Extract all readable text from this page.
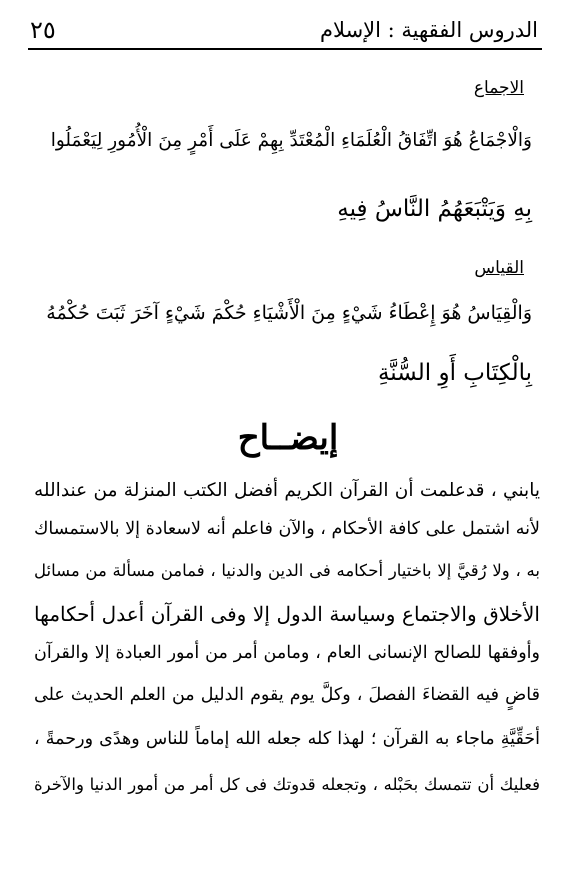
الدروس الفقهية : الإسلام
٢٥
الاجماع
وَالْاجْمَاعُ هُوَ اتِّفَاقُ الْعُلَمَاءِ الْمُعْتَدِّ بِهِمْ عَلَى أَمْرٍ مِنَ الْأُمُورِ لِيَعْمَلُوا
بِهِ وَيَتْبَعَهُمُ النَّاسُ فِيهِ
القياس
وَالْقِيَاسُ هُوَ إِعْطَاءُ شَيْءٍ مِنَ الْأَشْيَاءِ حُكْمَ شَيْءٍ آخَرَ ثَبَتَ حُكْمُهُ
بِالْكِتَابِ أَوِ السُّنَّةِ
إيضــاح
يابني ، قدعلمت أن القرآن الكريم أفضل الكتب المنزلة من عندالله
لأنه اشتمل على كافة الأحكام ، والآن فاعلم أنه لاسعادة إلا بالاستمساك
به ، ولا رُقيَّ إلا باختيار أحكامه فى الدين والدنيا ، فمامن مسألة من مسائل
الأخلاق والاجتماع وسياسة الدول إلا وفى القرآن أعدل أحكامها
وأوفقها للصالح الإنسانى العام ، ومامن أمر من أمور العبادة إلا والقرآن
قاضٍ فيه القضاءَ الفصلَ ، وكلَّ يوم يقوم الدليل من العلم الحديث على
أحَقِّيَّةِ ماجاء به القرآن ؛ لهذا كله جعله الله إماماً للناس وهدًى ورحمةً ،
فعليك أن تتمسك بحَبْله ، وتجعله قدوتك فى كل أمر من أمور الدنيا والآخرة
